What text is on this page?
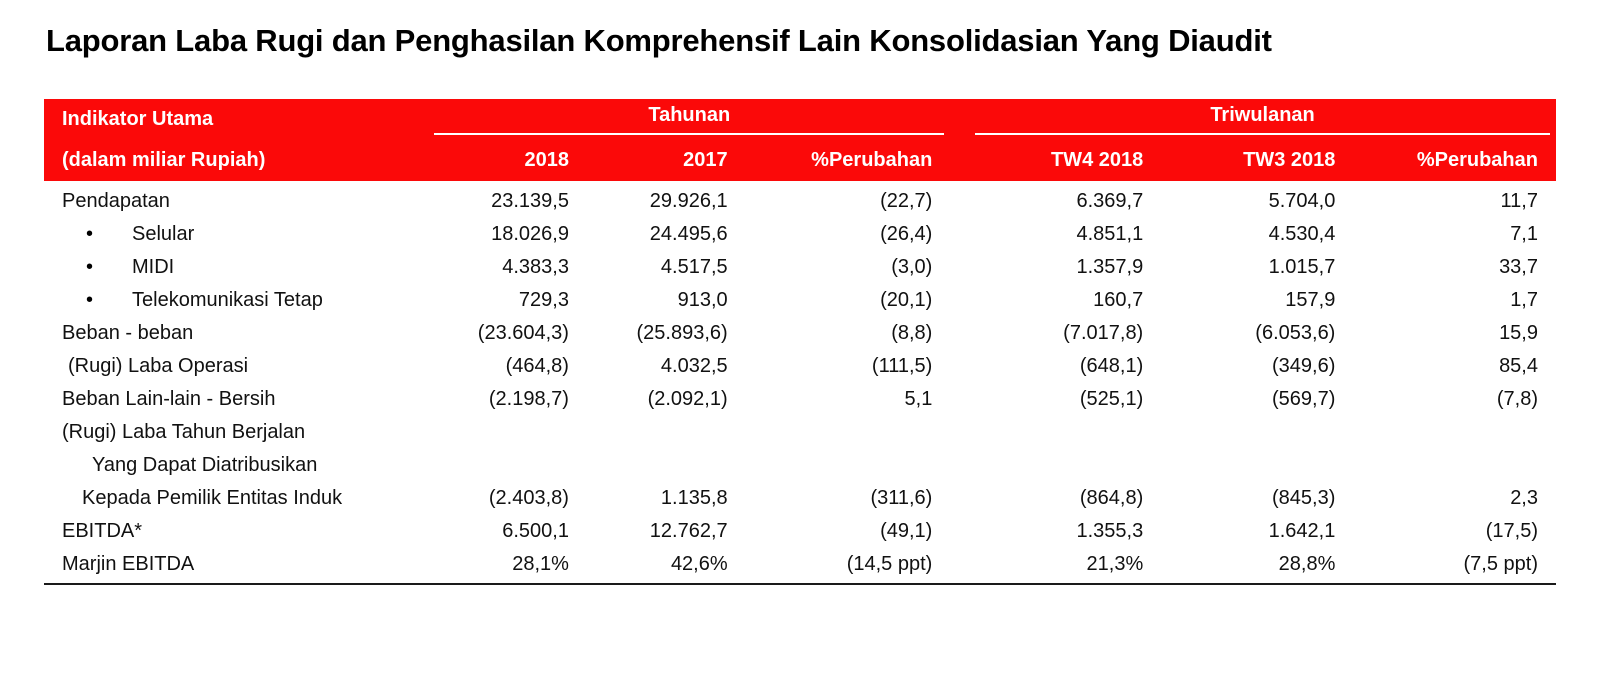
Laporan Laba Rugi dan Penghasilan Komprehensif Lain Konsolidasian Yang Diaudit
Indikator Utama	Tahunan				Triwulanan		

(dalam miliar Rupiah)	2018	2017	%Perubahan		TW4 2018	TW3 2018	%Perubahan
Pendapatan	23.139,5	29.926,1	(22,7)		6.369,7	5.704,0	11,7
• Selular	18.026,9	24.495,6	(26,4)		4.851,1	4.530,4	7,1
• MIDI	4.383,3	4.517,5	(3,0)		1.357,9	1.015,7	33,7
• Telekomunikasi Tetap	729,3	913,0	(20,1)		160,7	157,9	1,7
Beban - beban	(23.604,3)	(25.893,6)	(8,8)		(7.017,8)	(6.053,6)	15,9
(Rugi) Laba Operasi	(464,8)	4.032,5	(111,5)		(648,1)	(349,6)	85,4
Beban Lain-lain - Bersih	(2.198,7)	(2.092,1)	5,1		(525,1)	(569,7)	(7,8)
(Rugi) Laba Tahun Berjalan							
Yang Dapat Diatribusikan							
Kepada Pemilik Entitas Induk	(2.403,8)	1.135,8	(311,6)		(864,8)	(845,3)	2,3
EBITDA*	6.500,1	12.762,7	(49,1)		1.355,3	1.642,1	(17,5)
Marjin EBITDA	28,1%	42,6%	(14,5 ppt)		21,3%	28,8%	(7,5 ppt)
